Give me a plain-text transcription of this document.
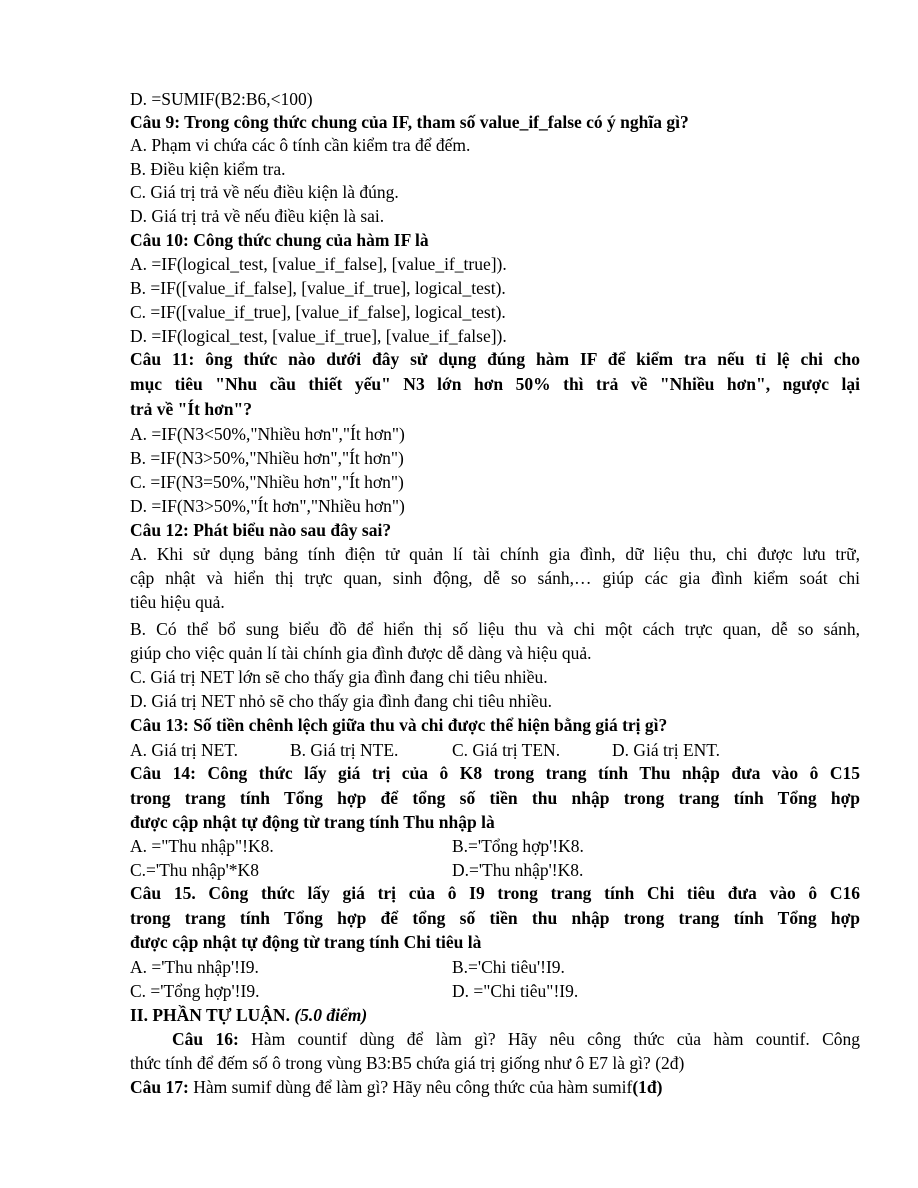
D. =SUMIF(B2:B6,<100)
Câu 9: Trong công thức chung của IF, tham số value_if_false có ý nghĩa gì?
A. Phạm vi chứa các ô tính cần kiểm tra để đếm.
B. Điều kiện kiểm tra.
C. Giá trị trả về nếu điều kiện là đúng.
D. Giá trị trả về nếu điều kiện là sai.
Câu 10: Công thức chung của hàm IF là
A. =IF(logical_test, [value_if_false], [value_if_true]).
B. =IF([value_if_false], [value_if_true], logical_test).
C. =IF([value_if_true], [value_if_false], logical_test).
D. =IF(logical_test, [value_if_true], [value_if_false]).
Câu 11: ông thức nào dưới đây sử dụng đúng hàm IF để kiểm tra nếu tỉ lệ chi cho
mục tiêu "Nhu cầu thiết yếu" N3 lớn hơn 50% thì trả về "Nhiều hơn", ngược lại
trả về "Ít hơn"?
A. =IF(N3<50%,"Nhiều hơn","Ít hơn")
B. =IF(N3>50%,"Nhiều hơn","Ít hơn")
C. =IF(N3=50%,"Nhiều hơn","Ít hơn")
D. =IF(N3>50%,"Ít hơn","Nhiều hơn")
Câu 12: Phát biểu nào sau đây sai?
A. Khi sử dụng bảng tính điện tử quản lí tài chính gia đình, dữ liệu thu, chi được lưu trữ,
cập nhật và hiển thị trực quan, sinh động, dễ so sánh,… giúp các gia đình kiểm soát chi
tiêu hiệu quả.
B. Có thể bổ sung biểu đồ để hiển thị số liệu thu và chi một cách trực quan, dễ so sánh,
giúp cho việc quản lí tài chính gia đình được dễ dàng và hiệu quả.
C. Giá trị NET lớn sẽ cho thấy gia đình đang chi tiêu nhiều.
D. Giá trị NET nhỏ sẽ cho thấy gia đình đang chi tiêu nhiều.
Câu 13: Số tiền chênh lệch giữa thu và chi được thể hiện bằng giá trị gì?
A. Giá trị NET.	B. Giá trị NTE.	C. Giá trị TEN.	D. Giá trị ENT.
Câu 14: Công thức lấy giá trị của ô K8 trong trang tính Thu nhập đưa vào ô C15
trong trang tính Tổng hợp để tổng số tiền thu nhập trong trang tính Tổng hợp
được cập nhật tự động từ trang tính Thu nhập là
A. ="Thu nhập"!K8.	B.='Tổng hợp'!K8.
C.='Thu nhập'*K8	D.='Thu nhập'!K8.
Câu 15. Công thức lấy giá trị của ô I9 trong trang tính Chi tiêu đưa vào ô C16
trong trang tính Tổng hợp để tổng số tiền thu nhập trong trang tính Tổng hợp
được cập nhật tự động từ trang tính Chi tiêu là
A. ='Thu nhập'!I9.	B.='Chi tiêu'!I9.
C. ='Tổng hợp'!I9.	D. ="Chi tiêu"!I9.
II. PHẦN TỰ LUẬN. (5.0 điểm)
Câu 16: Hàm countif dùng để làm gì? Hãy nêu công thức của hàm countif. Công
thức tính để đếm số ô trong vùng B3:B5 chứa giá trị giống như ô E7 là gì? (2đ)
Câu 17: Hàm sumif dùng để làm gì? Hãy nêu công thức của hàm sumif(1đ)
